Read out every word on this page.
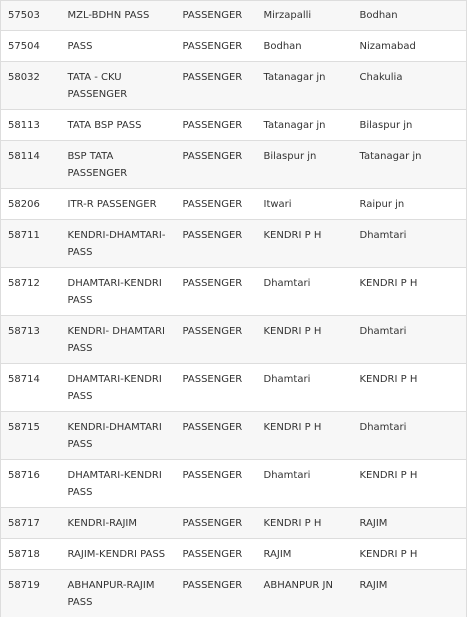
57503	MZL-BDHN PASS	PASSENGER	Mirzapalli	Bodhan
57504	PASS	PASSENGER	Bodhan	Nizamabad
58032	TATA - CKU PASSENGER	PASSENGER	Tatanagar jn	Chakulia
58113	TATA BSP PASS	PASSENGER	Tatanagar jn	Bilaspur jn
58114	BSP TATA PASSENGER	PASSENGER	Bilaspur jn	Tatanagar jn
58206	ITR-R PASSENGER	PASSENGER	Itwari	Raipur jn
58711	KENDRI-DHAMTARI-PASS	PASSENGER	KENDRI P H	Dhamtari
58712	DHAMTARI-KENDRI PASS	PASSENGER	Dhamtari	KENDRI P H
58713	KENDRI- DHAMTARI PASS	PASSENGER	KENDRI P H	Dhamtari
58714	DHAMTARI-KENDRI PASS	PASSENGER	Dhamtari	KENDRI P H
58715	KENDRI-DHAMTARI PASS	PASSENGER	KENDRI P H	Dhamtari
58716	DHAMTARI-KENDRI PASS	PASSENGER	Dhamtari	KENDRI P H
58717	KENDRI-RAJIM	PASSENGER	KENDRI P H	RAJIM
58718	RAJIM-KENDRI PASS	PASSENGER	RAJIM	KENDRI P H
58719	ABHANPUR-RAJIM PASS	PASSENGER	ABHANPUR JN	RAJIM
